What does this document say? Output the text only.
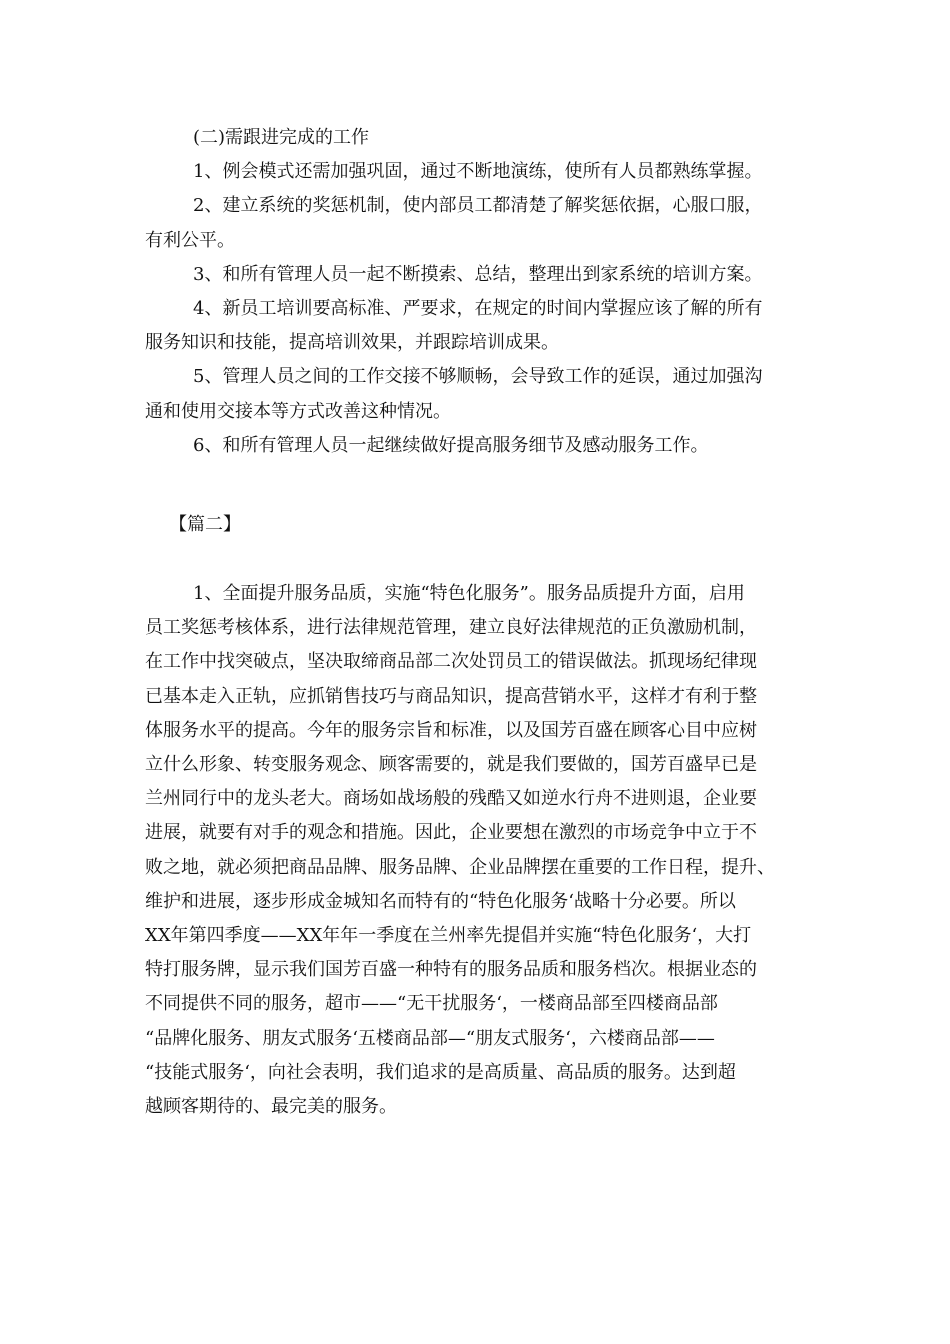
(二)需跟进完成的工作

1、例会模式还需加强巩固，通过不断地演练，使所有人员都熟练掌握。

2、建立系统的奖惩机制，使内部员工都清楚了解奖惩依据，心服口服，

有利公平。

3、和所有管理人员一起不断摸索、总结，整理出到家系统的培训方案。

4、新员工培训要高标准、严要求，在规定的时间内掌握应该了解的所有

服务知识和技能，提高培训效果，并跟踪培训成果。

5、管理人员之间的工作交接不够顺畅，会导致工作的延误，通过加强沟

通和使用交接本等方式改善这种情况。

6、和所有管理人员一起继续做好提高服务细节及感动服务工作。

【篇二】

1、全面提升服务品质，实施“特色化服务”。服务品质提升方面，启用

员工奖惩考核体系，进行法律规范管理，建立良好法律规范的正负激励机制，

在工作中找突破点，坚决取缔商品部二次处罚员工的错误做法。抓现场纪律现

已基本走入正轨，应抓销售技巧与商品知识，提高营销水平，这样才有利于整

体服务水平的提高。今年的服务宗旨和标准，以及国芳百盛在顾客心目中应树

立什么形象、转变服务观念、顾客需要的，就是我们要做的，国芳百盛早已是

兰州同行中的龙头老大。商场如战场般的残酷又如逆水行舟不进则退，企业要

进展，就要有对手的观念和措施。因此，企业要想在激烈的市场竞争中立于不

败之地，就必须把商品品牌、服务品牌、企业品牌摆在重要的工作日程，提升、

维护和进展，逐步形成金城知名而特有的“特色化服务‘战略十分必要。所以

XX年第四季度——XX年年一季度在兰州率先提倡并实施“特色化服务‘，大打

特打服务牌，显示我们国芳百盛一种特有的服务品质和服务档次。根据业态的

不同提供不同的服务，超市——“无干扰服务‘，一楼商品部至四楼商品部

“品牌化服务、朋友式服务‘五楼商品部—“朋友式服务‘，六楼商品部——

“技能式服务‘，向社会表明，我们追求的是高质量、高品质的服务。达到超

越顾客期待的、最完美的服务。
